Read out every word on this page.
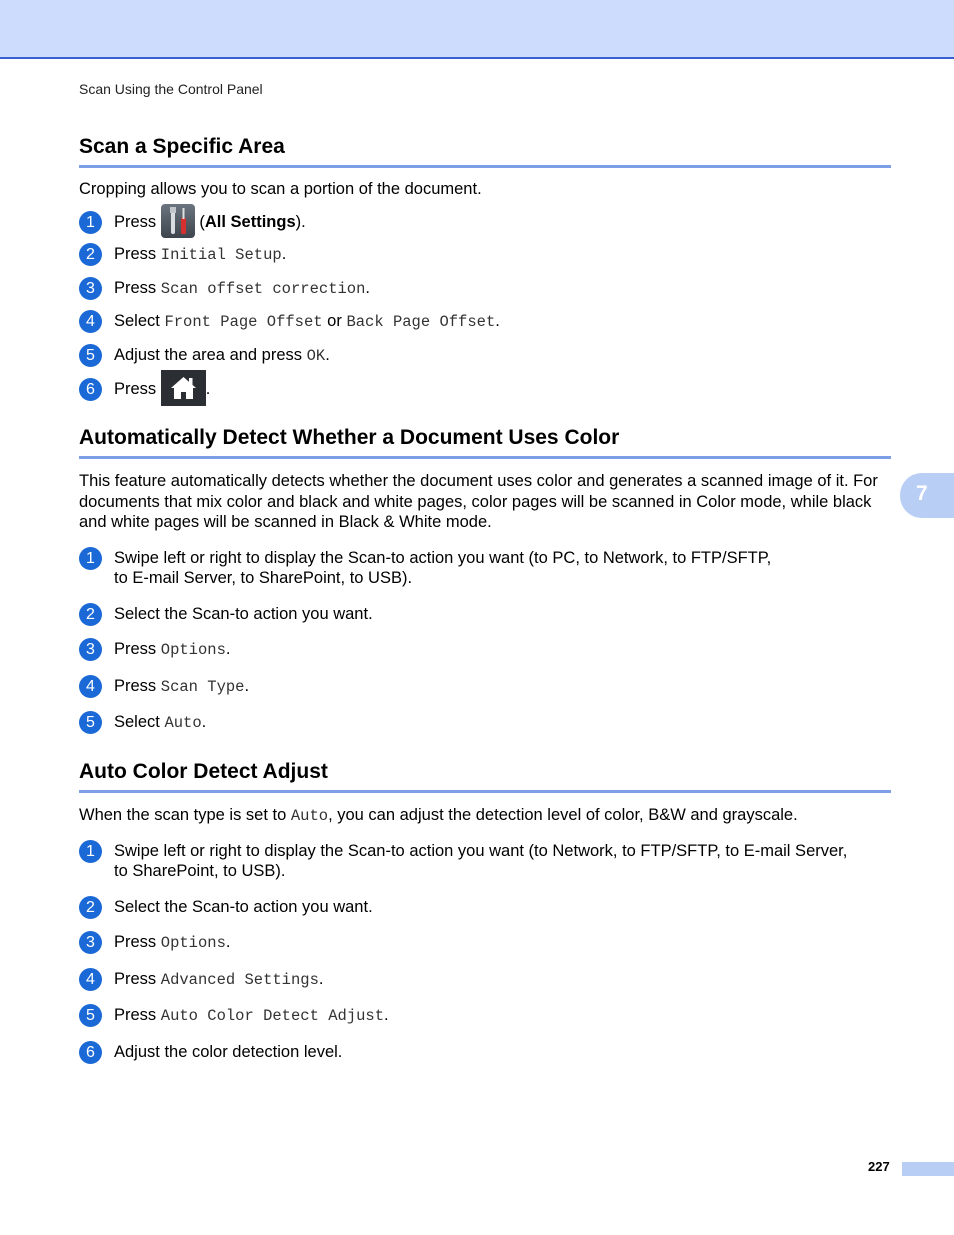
Scan Using the Control Panel
7
Scan a Specific Area

Cropping allows you to scan a portion of the document.

1	Press  (All Settings).
2	Press Initial Setup.
3	Press Scan offset correction.
4	Select Front Page Offset or Back Page Offset.
5	Adjust the area and press OK.
6	Press	.
Automatically Detect Whether a Document Uses Color

This feature automatically detects whether the document uses color and generates a scanned image of it. For documents that mix color and black and white pages, color pages will be scanned in Color mode, while black and white pages will be scanned in Black & White mode.

1	Swipe left or right to display the Scan-to action you want (to PC, to Network, to FTP/SFTP,
to E-mail Server, to SharePoint, to USB).
2	Select the Scan-to action you want.
3	Press Options.
4	Press Scan Type.
5	Select Auto.
Auto Color Detect Adjust

When the scan type is set to Auto, you can adjust the detection level of color, B&W and grayscale.

1	Swipe left or right to display the Scan-to action you want (to Network, to FTP/SFTP, to E-mail Server,
to SharePoint, to USB).
2	Select the Scan-to action you want.
3	Press Options.
4	Press Advanced Settings.
5	Press Auto Color Detect Adjust.
6	Adjust the color detection level.
227
